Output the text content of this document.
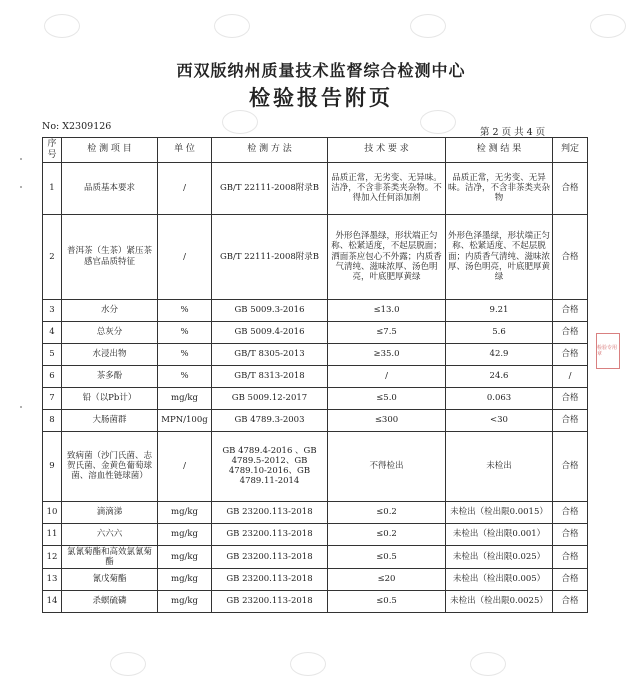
西双版纳州质量技术监督综合检测中心
检验报告附页
No: X2309126
第 2 页 共 4 页
序号	检 测 项 目	单 位	检 测 方 法	技 术 要 求	检 测 结 果	判定
1	品质基本要求	/	GB/T 22111-2008附录B	品质正常，无劣变、无异味。洁净，不含非茶类夹杂物。不得加入任何添加剂	品质正常，无劣变、无异味。洁净，不含非茶类夹杂物	合格
2	普洱茶（生茶）紧压茶感官品质特征	/	GB/T 22111-2008附录B	外形色泽墨绿，形状端正匀称、松紧适度，不起层脱面；洒面茶应包心不外露；内质香气清纯、滋味浓厚、汤色明亮，叶底肥厚黄绿	外形色泽墨绿，形状端正匀称、松紧适度、不起层脱面；内质香气清纯、滋味浓厚、汤色明亮，叶底肥厚黄绿	合格
3	水分	%	GB 5009.3-2016	≤13.0	9.21	合格
4	总灰分	%	GB 5009.4-2016	≤7.5	5.6	合格
5	水浸出物	%	GB/T 8305-2013	≥35.0	42.9	合格
6	茶多酚	%	GB/T 8313-2018	/	24.6	/
7	铅（以Pb计）	mg/kg	GB 5009.12-2017	≤5.0	0.063	合格
8	大肠菌群	MPN/100g	GB 4789.3-2003	≤300	<30	合格
9	致病菌（沙门氏菌、志贺氏菌、金黄色葡萄球菌、溶血性链球菌）	/	GB 4789.4-2016 、GB 4789.5-2012、GB 4789.10-2016、GB 4789.11-2014	不得检出	未检出	合格
10	滴滴涕	mg/kg	GB 23200.113-2018	≤0.2	未检出（检出限0.0015）	合格
11	六六六	mg/kg	GB 23200.113-2018	≤0.2	未检出（检出限0.001）	合格
12	氯氰菊酯和高效氯氰菊酯	mg/kg	GB 23200.113-2018	≤0.5	未检出（检出限0.025）	合格
13	氰戊菊酯	mg/kg	GB 23200.113-2018	≤20	未检出（检出限0.005）	合格
14	杀螟硫磷	mg/kg	GB 23200.113-2018	≤0.5	未检出（检出限0.0025）	合格
检验专用 章
